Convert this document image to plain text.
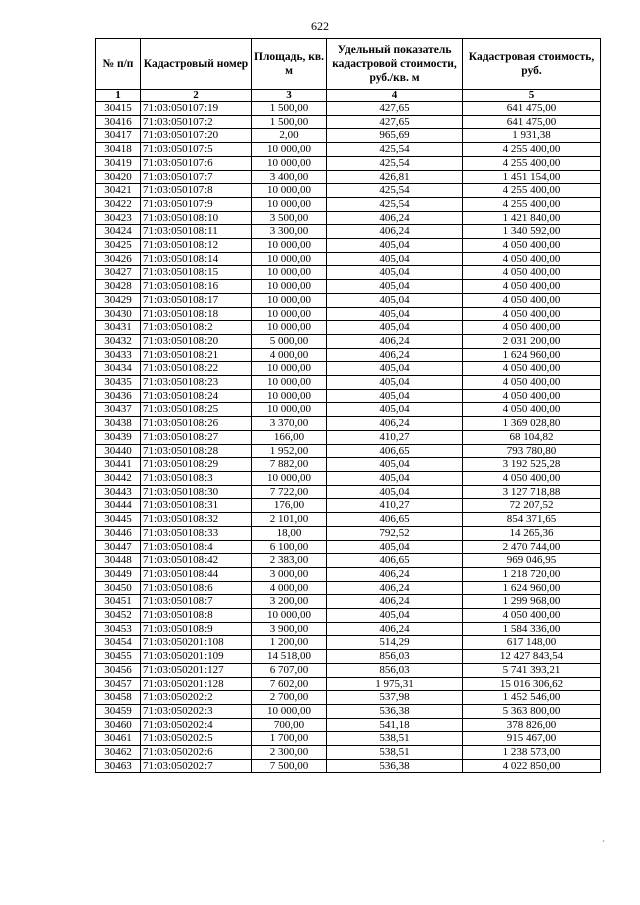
622
№ п/п	Кадастровый номер	Площадь, кв. м	Удельный показатель кадастровой стоимости, руб./кв. м	Кадастровая стоимость, руб.
1	2	3	4	5
30415	71:03:050107:19	1 500,00	427,65	641 475,00
30416	71:03:050107:2	1 500,00	427,65	641 475,00
30417	71:03:050107:20	2,00	965,69	1 931,38
30418	71:03:050107:5	10 000,00	425,54	4 255 400,00
30419	71:03:050107:6	10 000,00	425,54	4 255 400,00
30420	71:03:050107:7	3 400,00	426,81	1 451 154,00
30421	71:03:050107:8	10 000,00	425,54	4 255 400,00
30422	71:03:050107:9	10 000,00	425,54	4 255 400,00
30423	71:03:050108:10	3 500,00	406,24	1 421 840,00
30424	71:03:050108:11	3 300,00	406,24	1 340 592,00
30425	71:03:050108:12	10 000,00	405,04	4 050 400,00
30426	71:03:050108:14	10 000,00	405,04	4 050 400,00
30427	71:03:050108:15	10 000,00	405,04	4 050 400,00
30428	71:03:050108:16	10 000,00	405,04	4 050 400,00
30429	71:03:050108:17	10 000,00	405,04	4 050 400,00
30430	71:03:050108:18	10 000,00	405,04	4 050 400,00
30431	71:03:050108:2	10 000,00	405,04	4 050 400,00
30432	71:03:050108:20	5 000,00	406,24	2 031 200,00
30433	71:03:050108:21	4 000,00	406,24	1 624 960,00
30434	71:03:050108:22	10 000,00	405,04	4 050 400,00
30435	71:03:050108:23	10 000,00	405,04	4 050 400,00
30436	71:03:050108:24	10 000,00	405,04	4 050 400,00
30437	71:03:050108:25	10 000,00	405,04	4 050 400,00
30438	71:03:050108:26	3 370,00	406,24	1 369 028,80
30439	71:03:050108:27	166,00	410,27	68 104,82
30440	71:03:050108:28	1 952,00	406,65	793 780,80
30441	71:03:050108:29	7 882,00	405,04	3 192 525,28
30442	71:03:050108:3	10 000,00	405,04	4 050 400,00
30443	71:03:050108:30	7 722,00	405,04	3 127 718,88
30444	71:03:050108:31	176,00	410,27	72 207,52
30445	71:03:050108:32	2 101,00	406,65	854 371,65
30446	71:03:050108:33	18,00	792,52	14 265,36
30447	71:03:050108:4	6 100,00	405,04	2 470 744,00
30448	71:03:050108:42	2 383,00	406,65	969 046,95
30449	71:03:050108:44	3 000,00	406,24	1 218 720,00
30450	71:03:050108:6	4 000,00	406,24	1 624 960,00
30451	71:03:050108:7	3 200,00	406,24	1 299 968,00
30452	71:03:050108:8	10 000,00	405,04	4 050 400,00
30453	71:03:050108:9	3 900,00	406,24	1 584 336,00
30454	71:03:050201:108	1 200,00	514,29	617 148,00
30455	71:03:050201:109	14 518,00	856,03	12 427 843,54
30456	71:03:050201:127	6 707,00	856,03	5 741 393,21
30457	71:03:050201:128	7 602,00	1 975,31	15 016 306,62
30458	71:03:050202:2	2 700,00	537,98	1 452 546,00
30459	71:03:050202:3	10 000,00	536,38	5 363 800,00
30460	71:03:050202:4	700,00	541,18	378 826,00
30461	71:03:050202:5	1 700,00	538,51	915 467,00
30462	71:03:050202:6	2 300,00	538,51	1 238 573,00
30463	71:03:050202:7	7 500,00	536,38	4 022 850,00
ˊ
